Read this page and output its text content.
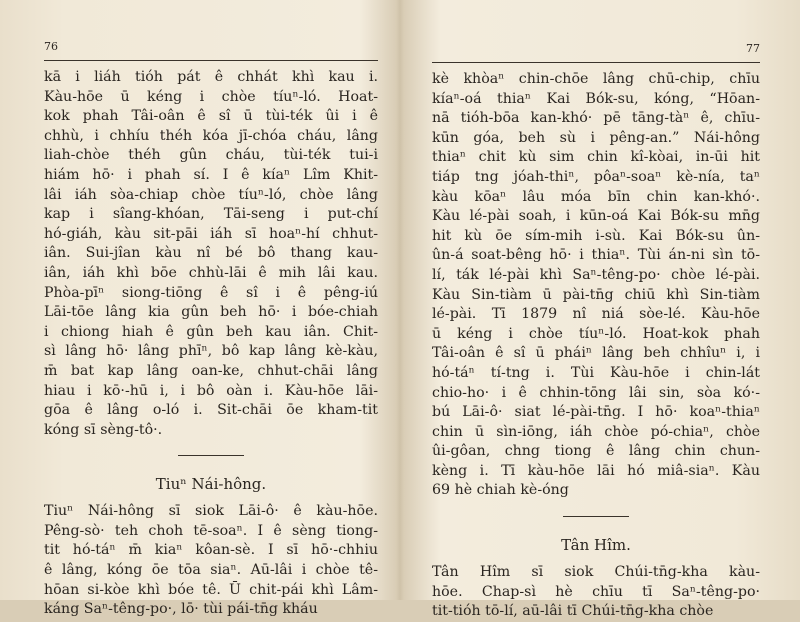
76
kā i liáh tióh pát ê chhát khì kau i.
Kàu-hōe ū kéng i chòe tíuⁿ-ló. Hoat-
kok phah Tâi-oân ê sî ū tùi-ték ûi i ê
chhù, i chhíu théh kóa jī-chóa cháu, lâng
liah-chòe théh gûn cháu, tùi-ték tui-i
hiám hō· i phah sí. I ê kíaⁿ Lîm Khit-
lâi iáh sòa-chiap chòe tíuⁿ-ló, chòe lâng
kap i sîang-khóan, Tāi-seng i put-chí
hó-giáh, kàu sit-pāi iáh sī hoaⁿ-hí chhut-
iân. Sui-jîan kàu nî bé bô thang kau-
iân, iáh khì bōe chhù-lāi ê mih lâi kau.
Phòa-pīⁿ siong-tiōng ê sî i ê pêng-iú
Lāi-tōe lâng kia gûn beh hō· i bóe-chiah
i chiong hiah ê gûn beh kau iân. Chit-
sì lâng hō· lâng phīⁿ, bô kap lâng kè-kàu,
m̄ bat kap lâng oan-ke, chhut-chāi lâng
hiau i kō·-hū i, i bô oàn i. Kàu-hōe lāi-
gōa ê lâng o-ló i. Sit-chāi ōe kham-tit
kóng sī sèng-tô·.
Tiuⁿ Nái-hông.
Tiuⁿ Nái-hông sī siok Lāi-ô· ê kàu-hōe.
Pêng-sò· teh choh tē-soaⁿ. I ê sèng tiong-
tit hó-táⁿ m̄ kiaⁿ kôan-sè. I sī hō·-chhiu
ê lâng, kóng ōe tōa siaⁿ. Aū-lâi i chòe tê-
hōan si-kòe khì bóe tê. Ū chit-pái khì Lâm-
káng Saⁿ-têng-po·, lō· tùi pái-tn̄g kháu
77
kè khòaⁿ chin-chōe lâng chū-chip, chīu
kíaⁿ-oá thiaⁿ Kai Bók-su, kóng, “Hōan-
nā tióh-bōa kan-khó· pē tāng-tàⁿ ê, chīu-
kūn góa, beh sù i pêng-an.” Nái-hông
thiaⁿ chit kù sim chin kî-kòai, in-ūi hit
tiáp tng jóah-thiⁿ, pôaⁿ-soaⁿ kè-nía, taⁿ
kàu kōaⁿ lâu móa bīn chin kan-khó·.
Kàu lé-pài soah, i kūn-oá Kai Bók-su mn̄g
hit kù ōe sím-mih i-sù. Kai Bók-su ûn-
ûn-á soat-bêng hō· i thiaⁿ. Tùi án-ni sìn tō-
lí, ták lé-pài khì Saⁿ-têng-po· chòe lé-pài.
Kàu Sin-tiàm ū pài-tn̄g chiū khì Sin-tiàm
lé-pài. Tī 1879 nî niá sòe-lé. Kàu-hōe
ū kéng i chòe tíuⁿ-ló. Hoat-kok phah
Tâi-oân ê sî ū pháiⁿ lâng beh chhîuⁿ i, i
hó-táⁿ tí-tng i. Tùi Kàu-hōe i chin-lát
chio-ho· i ê chhin-tōng lâi sin, sòa kó·-
bú Lāi-ô· siat lé-pài-tn̄g. I hō· koaⁿ-thiaⁿ
chin ū sìn-iōng, iáh chòe pó-chiaⁿ, chòe
ûi-gôan, chng tiong ê lâng chin chun-
kèng i. Tī kàu-hōe lāi hó miâ-siaⁿ. Kàu
69 hè chiah kè-óng
Tân Hîm.
Tân Hîm sī siok Chúi-tn̄g-kha kàu-
hōe. Chap-sì hè chīu tī Saⁿ-têng-po·
tit-tióh tō-lí, aū-lâi tī Chúi-tn̄g-kha chòe
